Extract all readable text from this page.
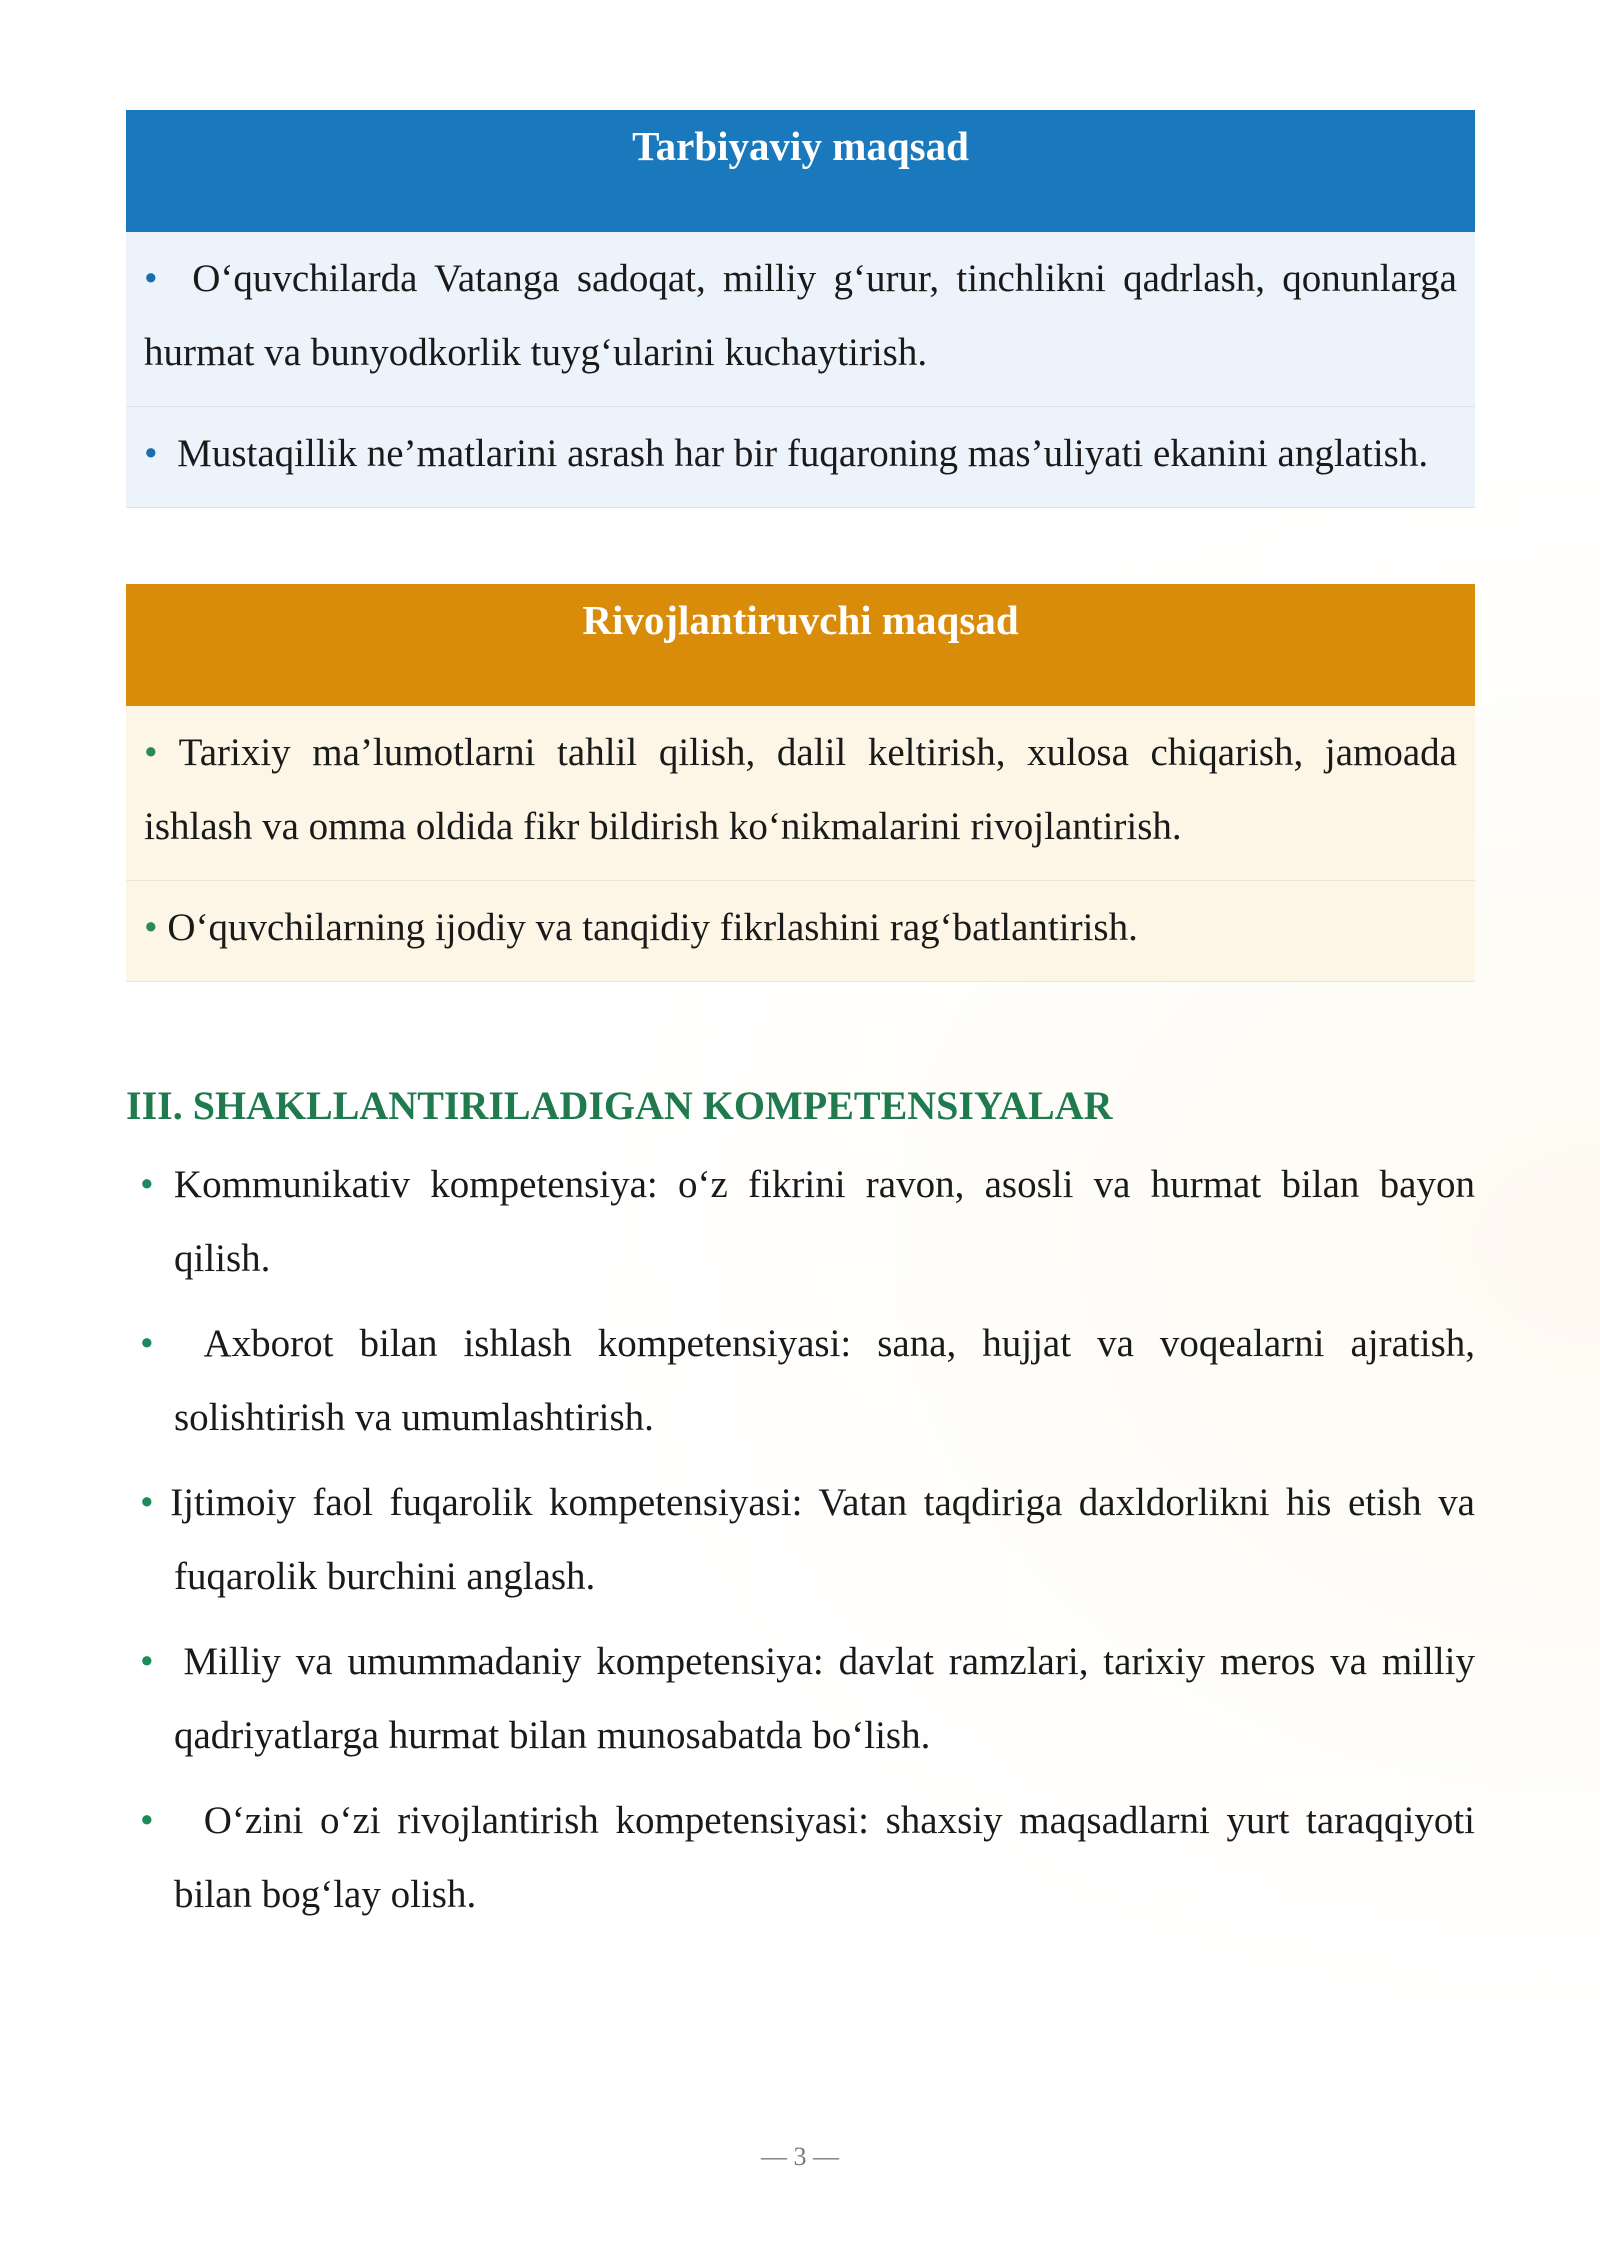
Tarbiyaviy maqsad
• O‘quvchilarda Vatanga sadoqat, milliy g‘urur, tinchlikni qadrlash, qonunlarga hurmat va bunyodkorlik tuyg‘ularini kuchaytirish.
• Mustaqillik ne’matlarini asrash har bir fuqaroning mas’uliyati ekanini anglatish.
Rivojlantiruvchi maqsad
• Tarixiy ma’lumotlarni tahlil qilish, dalil keltirish, xulosa chiqarish, jamoada ishlash va omma oldida fikr bildirish ko‘nikmalarini rivojlantirish.
• O‘quvchilarning ijodiy va tanqidiy fikrlashini rag‘batlantirish.
III. SHAKLLANTIRILADIGAN KOMPETENSIYALAR
• Kommunikativ kompetensiya: o‘z fikrini ravon, asosli va hurmat bilan bayon qilish.
• Axborot bilan ishlash kompetensiyasi: sana, hujjat va voqealarni ajratish, solishtirish va umumlashtirish.
• Ijtimoiy faol fuqarolik kompetensiyasi: Vatan taqdiriga daxldorlikni his etish va fuqarolik burchini anglash.
• Milliy va umummadaniy kompetensiya: davlat ramzlari, tarixiy meros va milliy qadriyatlarga hurmat bilan munosabatda bo‘lish.
• O‘zini o‘zi rivojlantirish kompetensiyasi: shaxsiy maqsadlarni yurt taraqqiyoti bilan bog‘lay olish.
— 3 —
